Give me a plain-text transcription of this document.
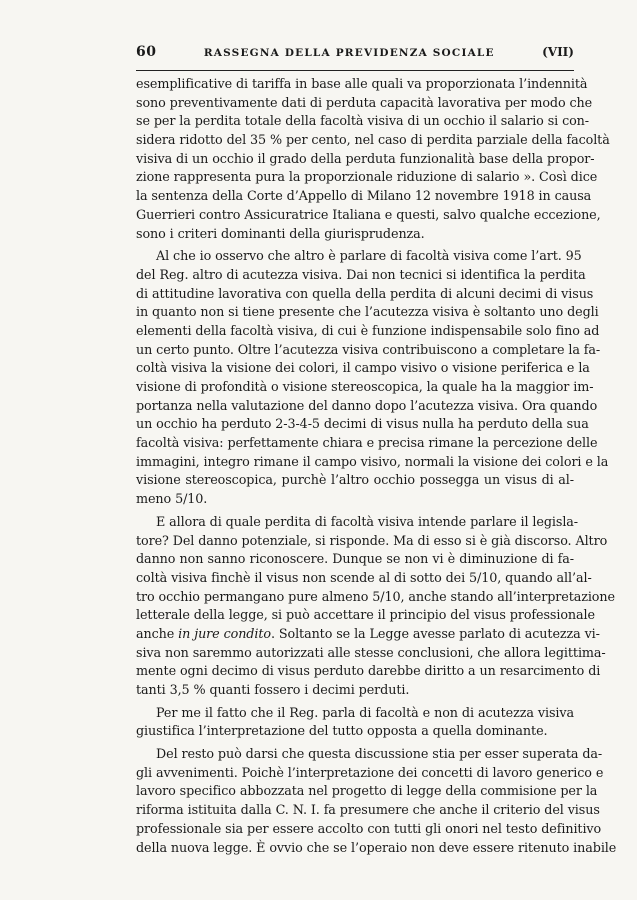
60	RASSEGNA DELLA PREVIDENZA SOCIALE	(VII)
esemplificative di tariffa in base alle quali va proporzionata l’indennità
sono preventivamente dati di perduta capacità lavorativa per modo che
se per la perdita totale della facoltà visiva di un occhio il salario si con-
sidera ridotto del 35 % per cento, nel caso di perdita parziale della facoltà
visiva di un occhio il grado della perduta funzionalità base della propor-
zione rappresenta pura la proporzionale riduzione di salario ». Così dice
la sentenza della Corte d’Appello di Milano 12 novembre 1918 in causa
Guerrieri contro Assicuratrice Italiana e questi, salvo qualche eccezione,
sono i criteri dominanti della giurisprudenza.
Al che io osservo che altro è parlare di facoltà visiva come l’art. 95
del Reg. altro di acutezza visiva. Dai non tecnici si identifica la perdita
di attitudine lavorativa con quella della perdita di alcuni decimi di visus
in quanto non si tiene presente che l’acutezza visiva è soltanto uno degli
elementi della facoltà visiva, di cui è funzione indispensabile solo fino ad
un certo punto. Oltre l’acutezza visiva contribuiscono a completare la fa-
coltà visiva la visione dei colori, il campo visivo o visione periferica e la
visione di profondità o visione stereoscopica, la quale ha la maggior im-
portanza nella valutazione del danno dopo l’acutezza visiva. Ora quando
un occhio ha perduto 2-3-4-5 decimi di visus nulla ha perduto della sua
facoltà visiva: perfettamente chiara e precisa rimane la percezione delle
immagini, integro rimane il campo visivo, normali la visione dei colori e la
visione stereoscopica, purchè l’altro occhio possegga un visus di al-
meno 5/10.
E allora di quale perdita di facoltà visiva intende parlare il legisla-
tore? Del danno potenziale, si risponde. Ma di esso si è già discorso. Altro
danno non sanno riconoscere. Dunque se non vi è diminuzione di fa-
coltà visiva finchè il visus non scende al di sotto dei 5/10, quando all’al-
tro occhio permangano pure almeno 5/10, anche stando all’interpretazione
letterale della legge, si può accettare il principio del visus professionale
anche in jure condito. Soltanto se la Legge avesse parlato di acutezza vi-
siva non saremmo autorizzati alle stesse conclusioni, che allora legittima-
mente ogni decimo di visus perduto darebbe diritto a un resarcimento di
tanti 3,5 % quanti fossero i decimi perduti.
Per me il fatto che il Reg. parla di facoltà e non di acutezza visiva
giustifica l’interpretazione del tutto opposta a quella dominante.
Del resto può darsi che questa discussione stia per esser superata da-
gli avvenimenti. Poichè l’interpretazione dei concetti di lavoro generico e
lavoro specifico abbozzata nel progetto di legge della commisione per la
riforma istituita dalla C. N. I. fa presumere che anche il criterio del visus
professionale sia per essere accolto con tutti gli onori nel testo definitivo
della nuova legge. È ovvio che se l’operaio non deve essere ritenuto inabile
